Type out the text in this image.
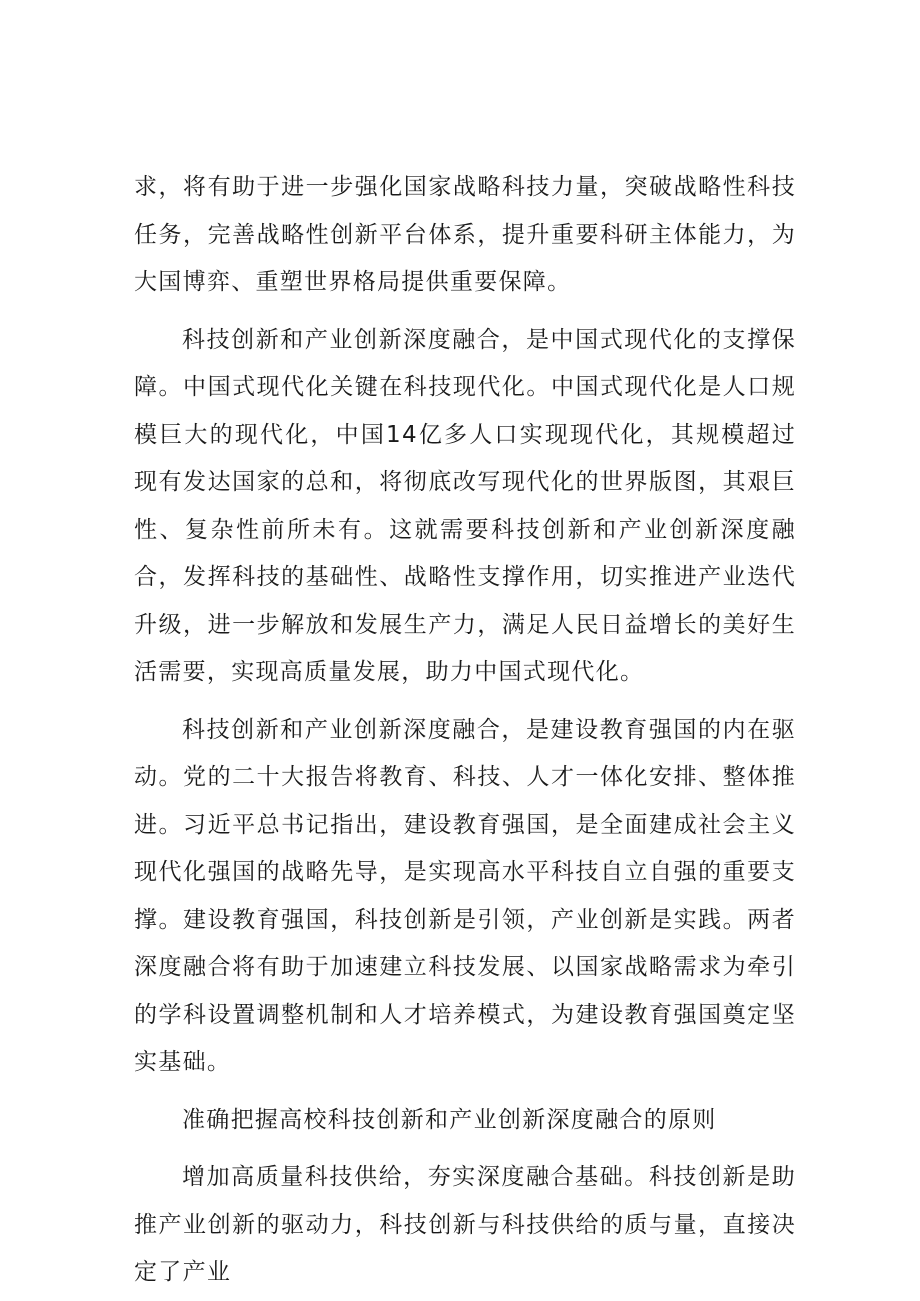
求，将有助于进一步强化国家战略科技力量，突破战略性科技任务，完善战略性创新平台体系，提升重要科研主体能力，为大国博弈、重塑世界格局提供重要保障。

科技创新和产业创新深度融合，是中国式现代化的支撑保障。中国式现代化关键在科技现代化。中国式现代化是人口规模巨大的现代化，中国14亿多人口实现现代化，其规模超过现有发达国家的总和，将彻底改写现代化的世界版图，其艰巨性、复杂性前所未有。这就需要科技创新和产业创新深度融合，发挥科技的基础性、战略性支撑作用，切实推进产业迭代升级，进一步解放和发展生产力，满足人民日益增长的美好生活需要，实现高质量发展，助力中国式现代化。

科技创新和产业创新深度融合，是建设教育强国的内在驱动。党的二十大报告将教育、科技、人才一体化安排、整体推进。习近平总书记指出，建设教育强国，是全面建成社会主义现代化强国的战略先导，是实现高水平科技自立自强的重要支撑。建设教育强国，科技创新是引领，产业创新是实践。两者深度融合将有助于加速建立科技发展、以国家战略需求为牵引的学科设置调整机制和人才培养模式，为建设教育强国奠定坚实基础。

准确把握高校科技创新和产业创新深度融合的原则

增加高质量科技供给，夯实深度融合基础。科技创新是助推产业创新的驱动力，科技创新与科技供给的质与量，直接决定了产业
